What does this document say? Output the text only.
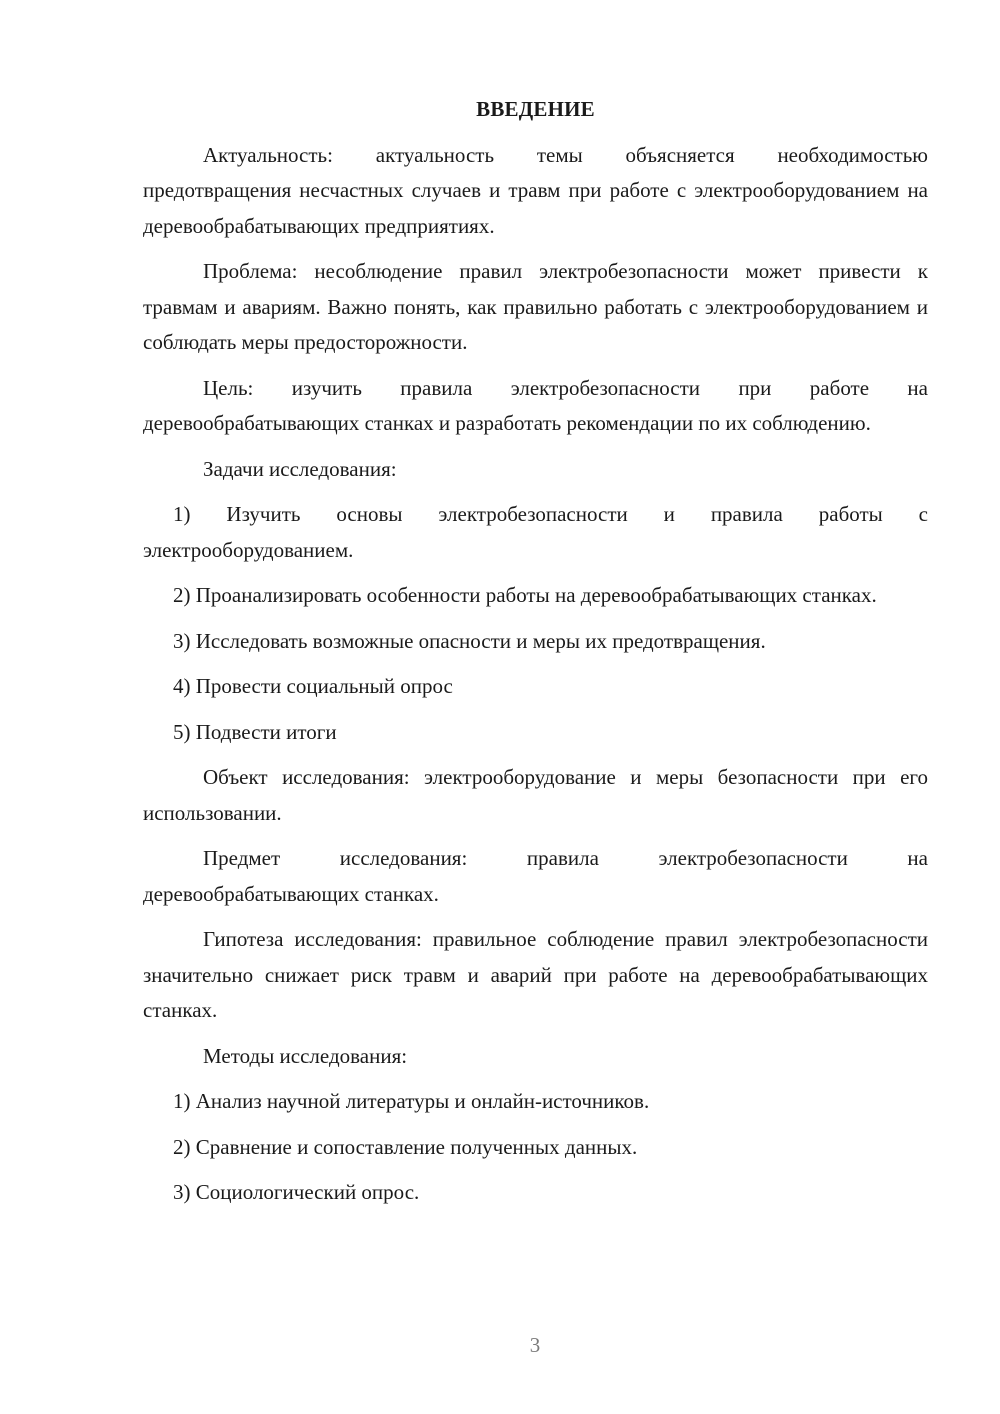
ВВЕДЕНИЕ

Актуальность: актуальность темы объясняется необходимостью предотвращения несчастных случаев и травм при работе с электрооборудованием на деревообрабатывающих предприятиях.

Проблема: несоблюдение правил электробезопасности может привести к травмам и авариям. Важно понять, как правильно работать с электрооборудованием и соблюдать меры предосторожности.

Цель: изучить правила электробезопасности при работе на деревообрабатывающих станках и разработать рекомендации по их соблюдению.

Задачи исследования:

1) Изучить основы электробезопасности и правила работы с электрооборудованием.
2) Проанализировать особенности работы на деревообрабатывающих станках.
3) Исследовать возможные опасности и меры их предотвращения.
4) Провести социальный опрос
5) Подвести итоги

Объект исследования: электрооборудование и меры безопасности при его использовании.

Предмет исследования: правила электробезопасности на деревообрабатывающих станках.

Гипотеза исследования: правильное соблюдение правил электробезопасности значительно снижает риск травм и аварий при работе на деревообрабатывающих станках.

Методы исследования:

1) Анализ научной литературы и онлайн-источников.
2) Сравнение и сопоставление полученных данных.
3) Социологический опрос.
3
